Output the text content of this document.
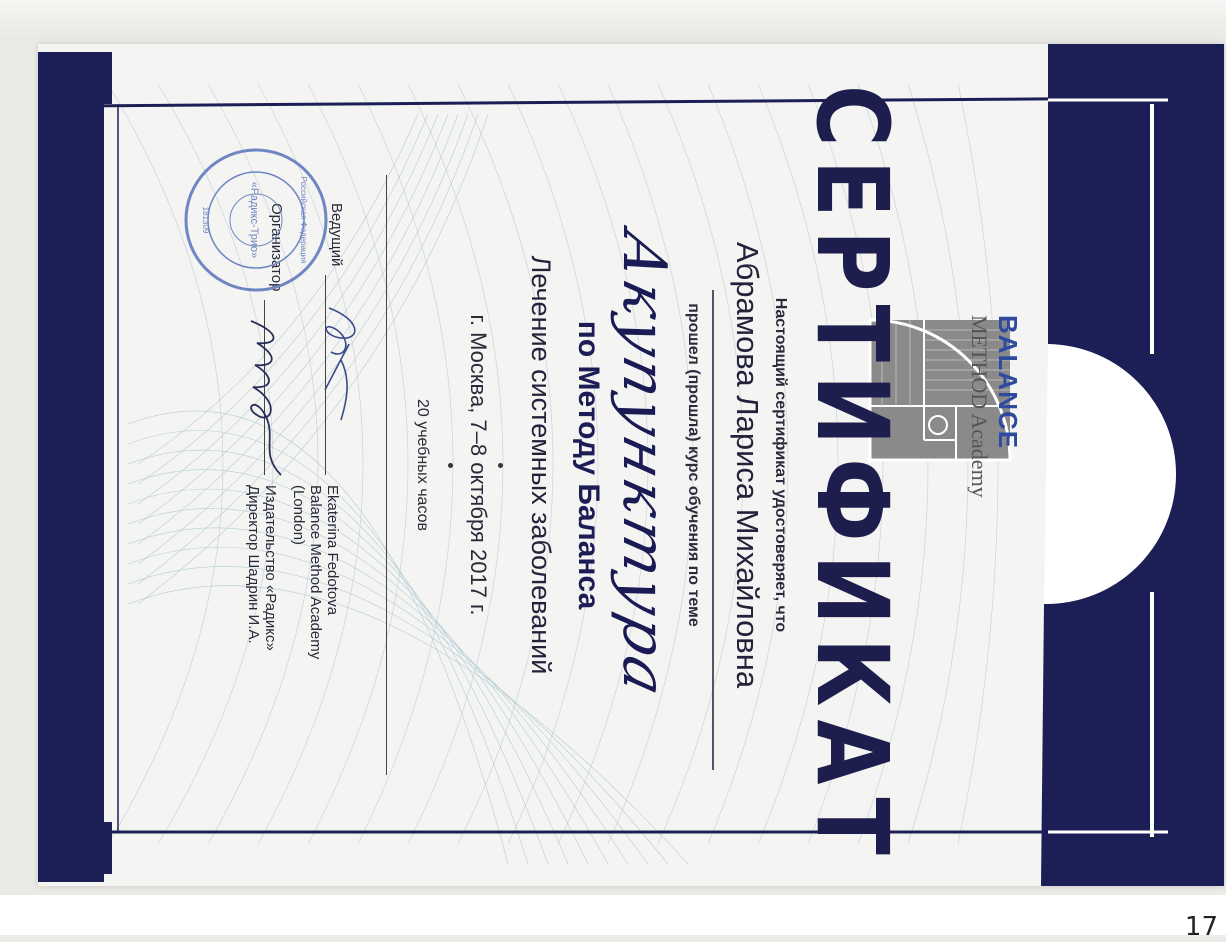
BALANCE
METHOD Academy
СЕРТИФИКАТ
Настоящий сертификат удостоверяет, что
Абрамова Лариса Михайловна
прошел (прошла) курс обучения по теме
Акупунктура
по Методу Баланса
Лечение системных заболеваний
г. Москва, 7–8 октября 2017 г.
20 учебных часов
Ведущий
Ekaterina Fedotova
Balance Method Academy
(London)
Организатор
Издательство «Радикс»
Директор Шадрин И.А.
«Радикс-Трио»	Российская Федерация
181309
17
